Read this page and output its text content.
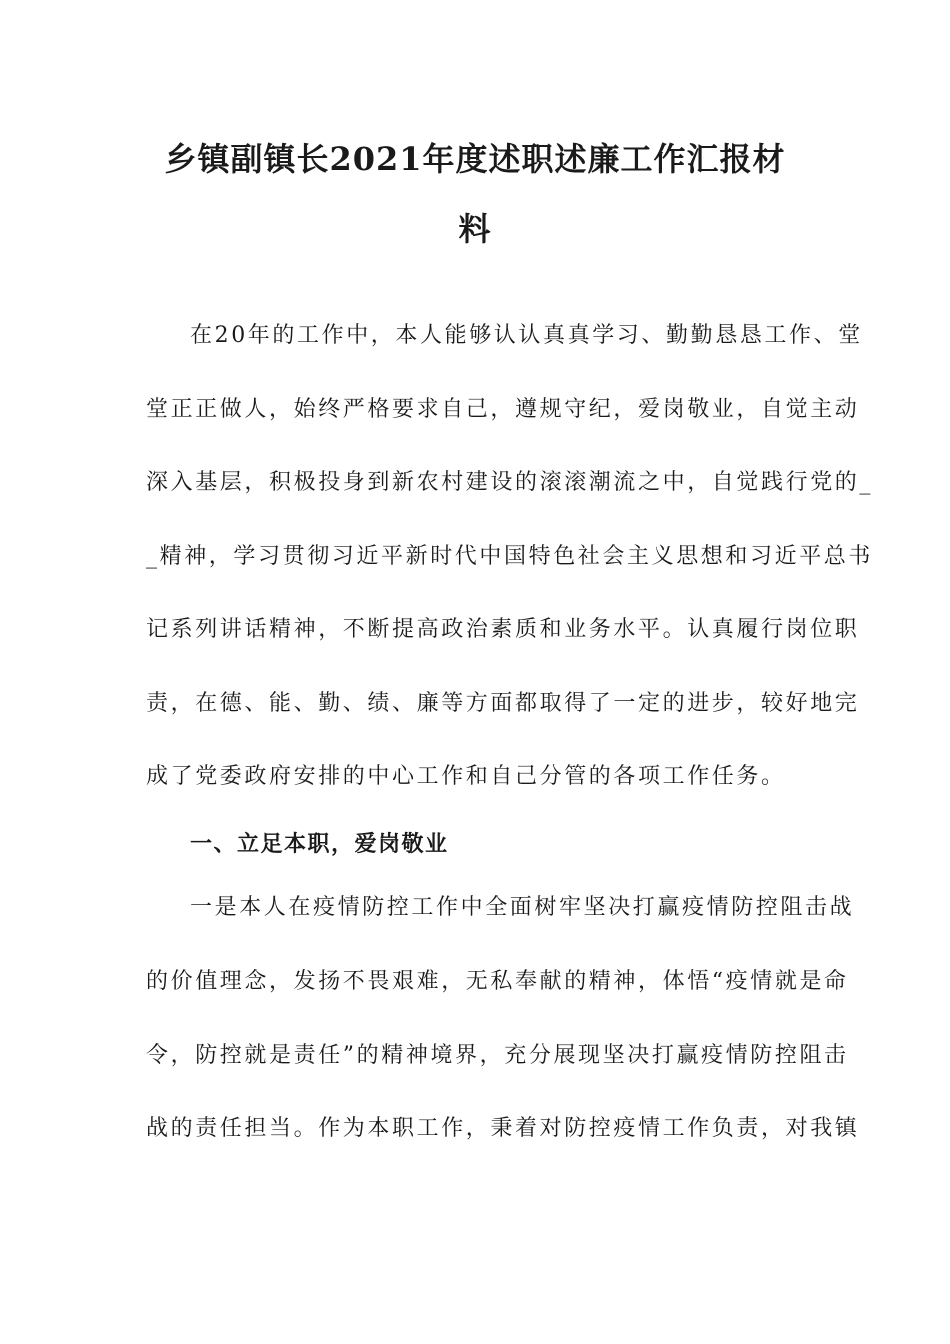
乡镇副镇长2021年度述职述廉工作汇报材
料
在20年的工作中，本人能够认认真真学习、勤勤恳恳工作、堂
堂正正做人，始终严格要求自己，遵规守纪，爱岗敬业，自觉主动
深入基层，积极投身到新农村建设的滚滚潮流之中，自觉践行党的_
_精神，学习贯彻习近平新时代中国特色社会主义思想和习近平总书
记系列讲话精神，不断提高政治素质和业务水平。认真履行岗位职
责，在德、能、勤、绩、廉等方面都取得了一定的进步，较好地完
成了党委政府安排的中心工作和自己分管的各项工作任务。
一、立足本职，爱岗敬业
一是本人在疫情防控工作中全面树牢坚决打赢疫情防控阻击战
的价值理念，发扬不畏艰难，无私奉献的精神，体悟“疫情就是命
令，防控就是责任”的精神境界，充分展现坚决打赢疫情防控阻击
战的责任担当。作为本职工作，秉着对防控疫情工作负责，对我镇
